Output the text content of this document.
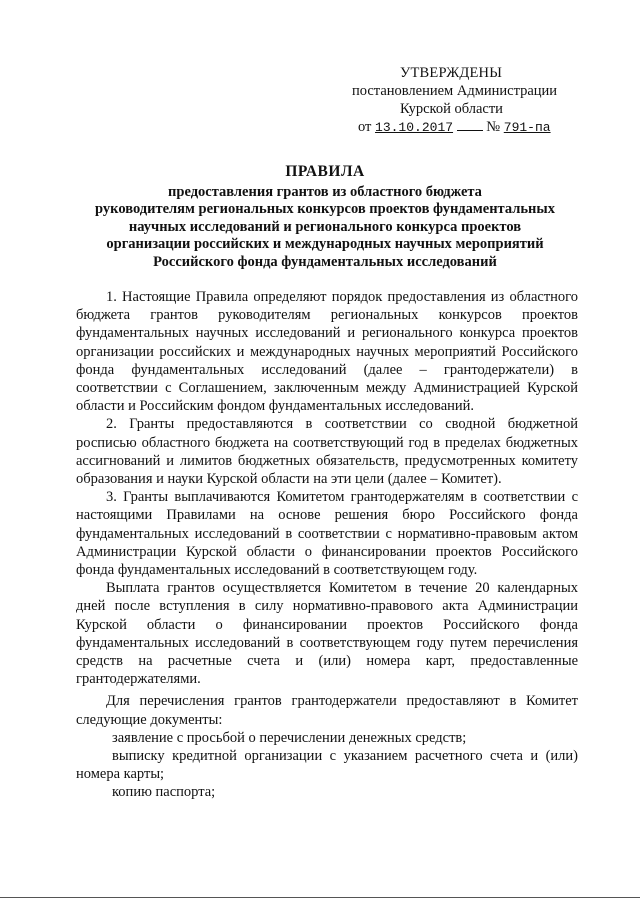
УТВЕРЖДЕНЫ
постановлением Администрации
Курской области
от 13.10.2017 № 791-па
ПРАВИЛА
предоставления грантов из областного бюджета
руководителям региональных конкурсов проектов фундаментальных
научных исследований и регионального конкурса проектов
организации российских и международных научных мероприятий
Российского фонда фундаментальных исследований

1. Настоящие Правила определяют порядок предоставления из областного бюджета грантов руководителям региональных конкурсов проектов фундаментальных научных исследований и регионального конкурса проектов организации российских и международных научных мероприятий Российского фонда фундаментальных исследований (далее – грантодержатели) в соответствии с Соглашением, заключенным между Администрацией Курской области и Российским фондом фундаментальных исследований.

2. Гранты предоставляются в соответствии со сводной бюджетной росписью областного бюджета на соответствующий год в пределах бюджетных ассигнований и лимитов бюджетных обязательств, предусмотренных комитету образования и науки Курской области на эти цели (далее – Комитет).

3. Гранты выплачиваются Комитетом грантодержателям в соответствии с настоящими Правилами на основе решения бюро Российского фонда фундаментальных исследований в соответствии с нормативно-правовым актом Администрации Курской области о финансировании проектов Российского фонда фундаментальных исследований в соответствующем году.

Выплата грантов осуществляется Комитетом в течение 20 календарных дней после вступления в силу нормативно-правового акта Администрации Курской области о финансировании проектов Российского фонда фундаментальных исследований в соответствующем году путем перечисления средств на расчетные счета и (или) номера карт, предоставленные грантодержателями.

Для перечисления грантов грантодержатели предоставляют в Комитет следующие документы:

заявление с просьбой о перечислении денежных средств;

выписку кредитной организации с указанием расчетного счета и (или) номера карты;

копию паспорта;
